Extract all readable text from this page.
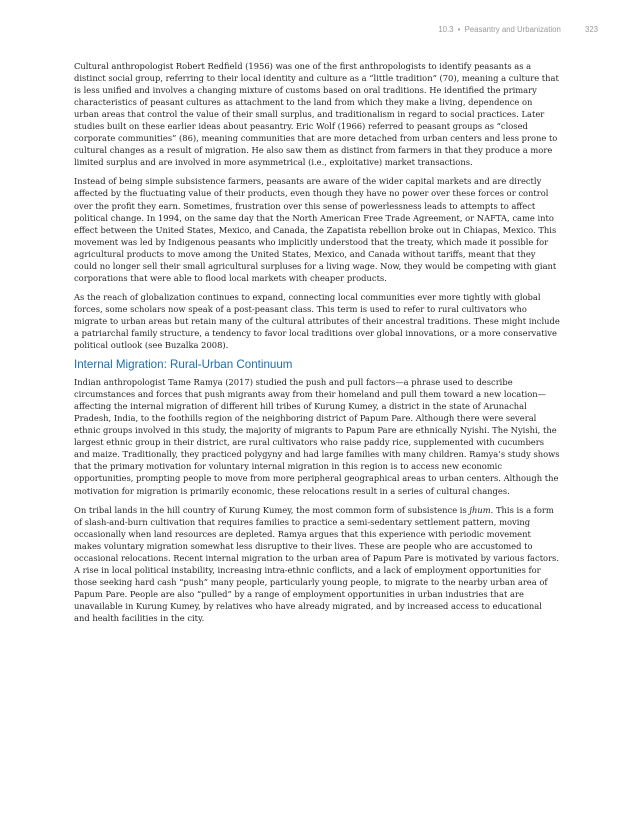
10.3 • Peasantry and Urbanization	323

Cultural anthropologist Robert Redfield (1956) was one of the first anthropologists to identify peasants as a distinct social group, referring to their local identity and culture as a “little tradition” (70), meaning a culture that is less unified and involves a changing mixture of customs based on oral traditions. He identified the primary characteristics of peasant cultures as attachment to the land from which they make a living, dependence on urban areas that control the value of their small surplus, and traditionalism in regard to social practices. Later studies built on these earlier ideas about peasantry. Eric Wolf (1966) referred to peasant groups as “closed corporate communities” (86), meaning communities that are more detached from urban centers and less prone to cultural changes as a result of migration. He also saw them as distinct from farmers in that they produce a more limited surplus and are involved in more asymmetrical (i.e., exploitative) market transactions.

Instead of being simple subsistence farmers, peasants are aware of the wider capital markets and are directly affected by the fluctuating value of their products, even though they have no power over these forces or control over the profit they earn. Sometimes, frustration over this sense of powerlessness leads to attempts to affect political change. In 1994, on the same day that the North American Free Trade Agreement, or NAFTA, came into effect between the United States, Mexico, and Canada, the Zapatista rebellion broke out in Chiapas, Mexico. This movement was led by Indigenous peasants who implicitly understood that the treaty, which made it possible for agricultural products to move among the United States, Mexico, and Canada without tariffs, meant that they could no longer sell their small agricultural surpluses for a living wage. Now, they would be competing with giant corporations that were able to flood local markets with cheaper products.

As the reach of globalization continues to expand, connecting local communities ever more tightly with global forces, some scholars now speak of a post-peasant class. This term is used to refer to rural cultivators who migrate to urban areas but retain many of the cultural attributes of their ancestral traditions. These might include a patriarchal family structure, a tendency to favor local traditions over global innovations, or a more conservative political outlook (see Buzalka 2008).

Internal Migration: Rural-Urban Continuum

Indian anthropologist Tame Ramya (2017) studied the push and pull factors—a phrase used to describe circumstances and forces that push migrants away from their homeland and pull them toward a new location—affecting the internal migration of different hill tribes of Kurung Kumey, a district in the state of Arunachal Pradesh, India, to the foothills region of the neighboring district of Papum Pare. Although there were several ethnic groups involved in this study, the majority of migrants to Papum Pare are ethnically Nyishi. The Nyishi, the largest ethnic group in their district, are rural cultivators who raise paddy rice, supplemented with cucumbers and maize. Traditionally, they practiced polygyny and had large families with many children. Ramya’s study shows that the primary motivation for voluntary internal migration in this region is to access new economic opportunities, prompting people to move from more peripheral geographical areas to urban centers. Although the motivation for migration is primarily economic, these relocations result in a series of cultural changes.

On tribal lands in the hill country of Kurung Kumey, the most common form of subsistence is jhum. This is a form of slash-and-burn cultivation that requires families to practice a semi-sedentary settlement pattern, moving occasionally when land resources are depleted. Ramya argues that this experience with periodic movement makes voluntary migration somewhat less disruptive to their lives. These are people who are accustomed to occasional relocations. Recent internal migration to the urban area of Papum Pare is motivated by various factors. A rise in local political instability, increasing intra-ethnic conflicts, and a lack of employment opportunities for those seeking hard cash “push” many people, particularly young people, to migrate to the nearby urban area of Papum Pare. People are also “pulled” by a range of employment opportunities in urban industries that are unavailable in Kurung Kumey, by relatives who have already migrated, and by increased access to educational and health facilities in the city.
